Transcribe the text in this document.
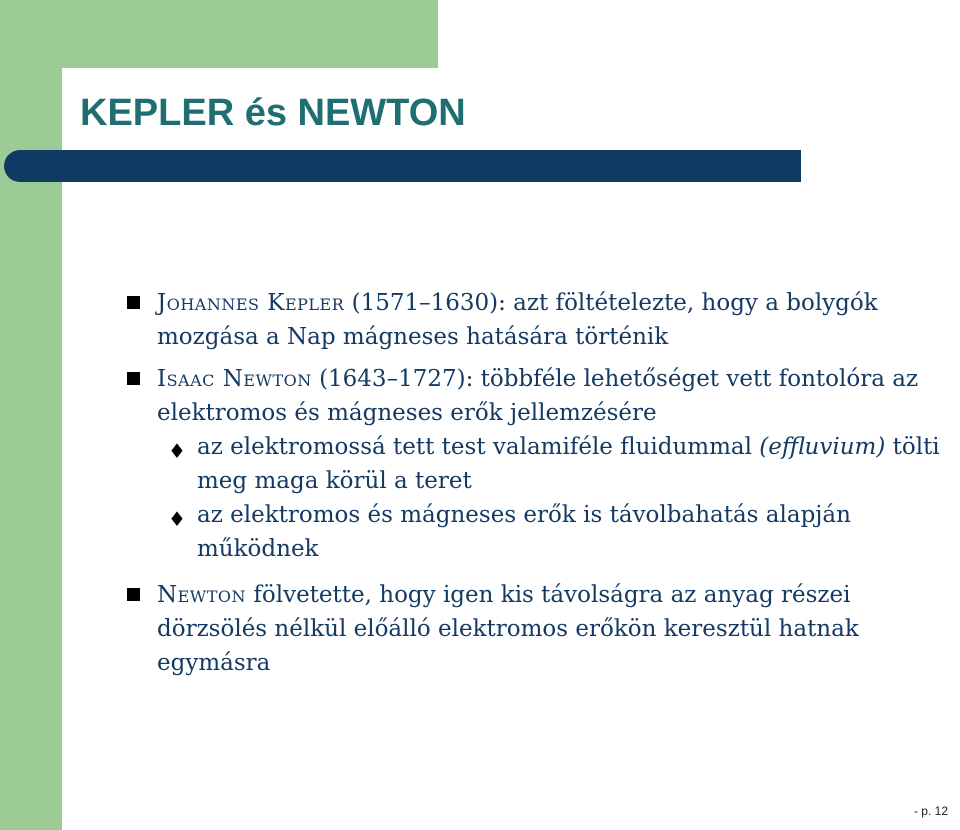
KEPLER és NEWTON
Johannes Kepler (1571–1630): azt föltételezte, hogy a bolygók mozgása a Nap mágneses hatására történik
Isaac Newton (1643–1727): többféle lehetőséget vett fontolóra az elektromos és mágneses erők jellemzésére
♦ az elektromossá tett test valamiféle fluidummal (effluvium) tölti meg maga körül a teret
♦ az elektromos és mágneses erők is távolbahatás alapján működnek
Newton fölvetette, hogy igen kis távolságra az anyag részei dörzsölés nélkül előálló elektromos erőkön keresztül hatnak egymásra
- p. 12
